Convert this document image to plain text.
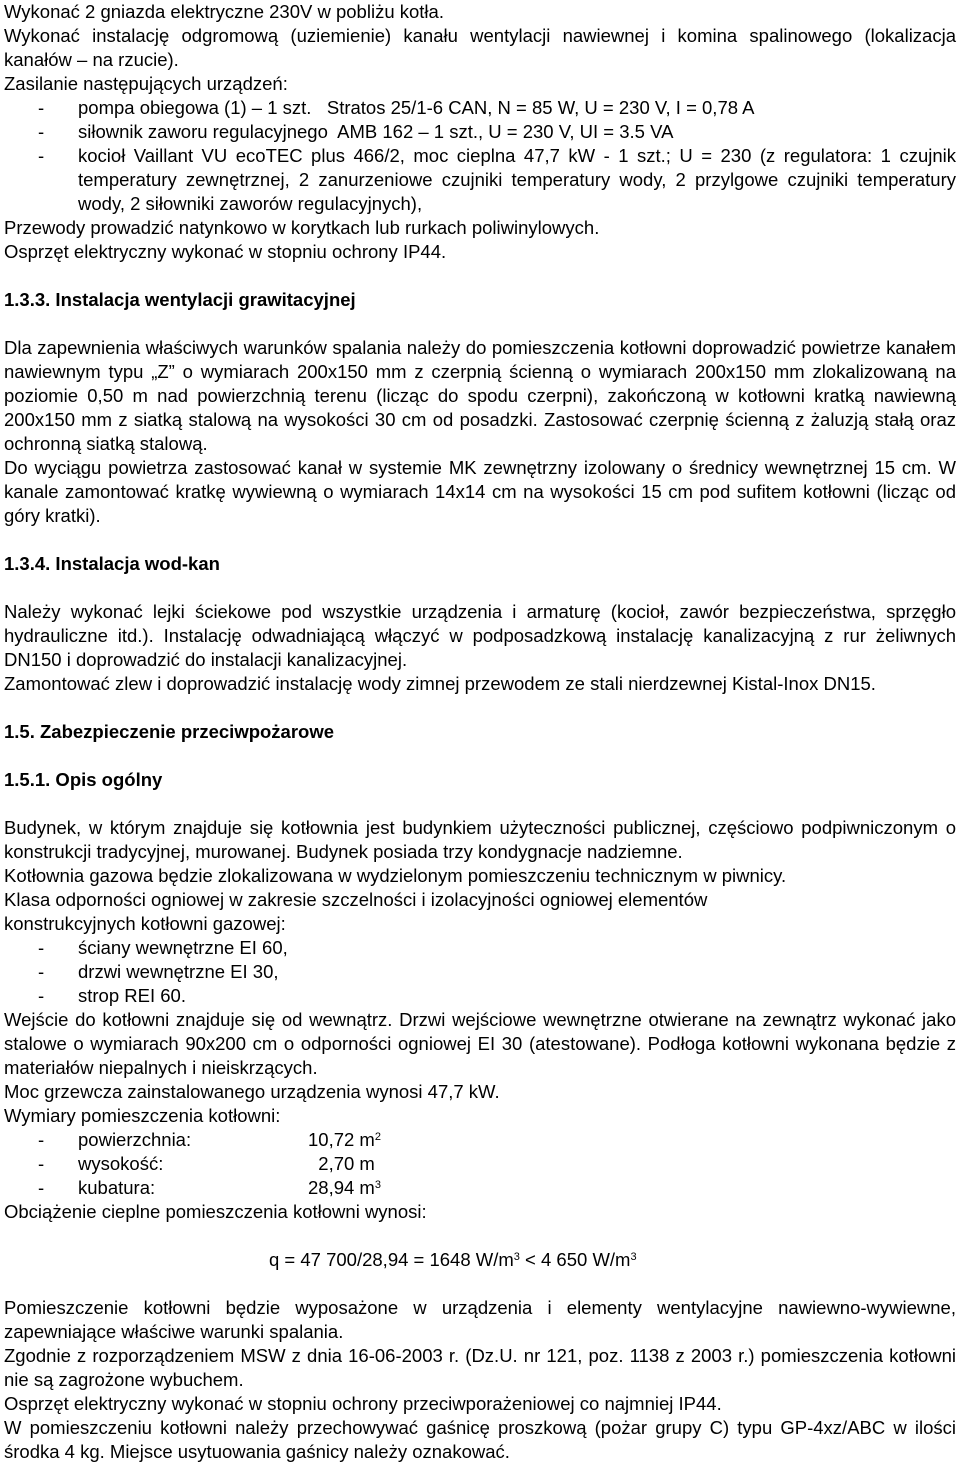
Wykonać 2 gniazda elektryczne 230V w pobliżu kotła.

Wykonać instalację odgromową (uziemienie) kanału wentylacji nawiewnej i komina spalinowego (lokalizacja kanałów – na rzucie).

Zasilanie następujących urządzeń:

-	pompa obiegowa (1) – 1 szt.   Stratos 25/1-6 CAN, N = 85 W, U = 230 V, I = 0,78 A
-	siłownik zaworu regulacyjnego  AMB 162 – 1 szt., U = 230 V, UI = 3.5 VA
-	kocioł Vaillant VU ecoTEC plus 466/2, moc cieplna 47,7 kW - 1 szt.; U = 230 (z regulatora: 1 czujnik temperatury zewnętrznej, 2 zanurzeniowe czujniki temperatury wody, 2 przylgowe czujniki temperatury wody, 2 siłowniki zaworów regulacyjnych),

Przewody prowadzić natynkowo w korytkach lub rurkach poliwinylowych.

Osprzęt elektryczny wykonać w stopniu ochrony IP44.

1.3.3. Instalacja wentylacji grawitacyjnej

Dla zapewnienia właściwych warunków spalania należy do pomieszczenia kotłowni doprowadzić powietrze kanałem nawiewnym typu „Z” o wymiarach 200x150 mm z czerpnią ścienną o wymiarach 200x150 mm zlokalizowaną na poziomie 0,50 m nad powierzchnią terenu (licząc do spodu czerpni), zakończoną w kotłowni kratką nawiewną 200x150 mm z siatką stalową na wysokości 30 cm od posadzki. Zastosować czerpnię ścienną z żaluzją stałą oraz ochronną siatką stalową.

Do wyciągu powietrza zastosować kanał w systemie MK zewnętrzny izolowany o średnicy wewnętrznej 15 cm. W kanale zamontować kratkę wywiewną o wymiarach 14x14 cm na wysokości 15 cm pod sufitem kotłowni (licząc od góry kratki).

1.3.4. Instalacja wod-kan

Należy wykonać lejki ściekowe pod wszystkie urządzenia i armaturę (kocioł, zawór bezpieczeństwa, sprzęgło hydrauliczne itd.). Instalację odwadniającą włączyć w podposadzkową instalację kanalizacyjną z rur żeliwnych DN150 i doprowadzić do instalacji kanalizacyjnej.

Zamontować zlew i doprowadzić instalację wody zimnej przewodem ze stali nierdzewnej Kistal-Inox DN15.

1.5. Zabezpieczenie przeciwpożarowe

1.5.1. Opis ogólny

Budynek, w którym znajduje się kotłownia jest budynkiem użyteczności publicznej, częściowo podpiwniczonym o konstrukcji tradycyjnej, murowanej. Budynek posiada trzy kondygnacje nadziemne.

Kotłownia gazowa będzie zlokalizowana w wydzielonym pomieszczeniu technicznym w piwnicy.

Klasa odporności ogniowej w zakresie szczelności i izolacyjności ogniowej elementów konstrukcyjnych kotłowni gazowej:

-	ściany wewnętrzne EI 60,
-	drzwi wewnętrzne EI 30,
-	strop REI 60.

Wejście do kotłowni znajduje się od wewnątrz. Drzwi wejściowe wewnętrzne otwierane na zewnątrz wykonać jako stalowe o wymiarach 90x200 cm o odporności ogniowej EI 30 (atestowane). Podłoga kotłowni wykonana będzie z materiałów niepalnych i nieiskrzących.

Moc grzewcza zainstalowanego urządzenia wynosi 47,7 kW.

Wymiary pomieszczenia kotłowni:

-	powierzchnia:	10,72 $m^2$
-	wysokość:	2,70 m
-	kubatura:	28,94 $m^3$

Obciążenie cieplne pomieszczenia kotłowni wynosi:

q = 47 700/28,94 = 1648 $W/m^3 < 4$ 650 $W/m^3$

Pomieszczenie kotłowni będzie wyposażone w urządzenia i elementy wentylacyjne nawiewno-wywiewne, zapewniające właściwe warunki spalania.

Zgodnie z rozporządzeniem MSW z dnia 16-06-2003 r. (Dz.U. nr 121, poz. 1138 z 2003 r.) pomieszczenia kotłowni nie są zagrożone wybuchem.

Osprzęt elektryczny wykonać w stopniu ochrony przeciwporażeniowej co najmniej IP44.

W pomieszczeniu kotłowni należy przechowywać gaśnicę proszkową (pożar grupy C) typu GP-4xz/ABC w ilości środka 4 kg. Miejsce usytuowania gaśnicy należy oznakować.
